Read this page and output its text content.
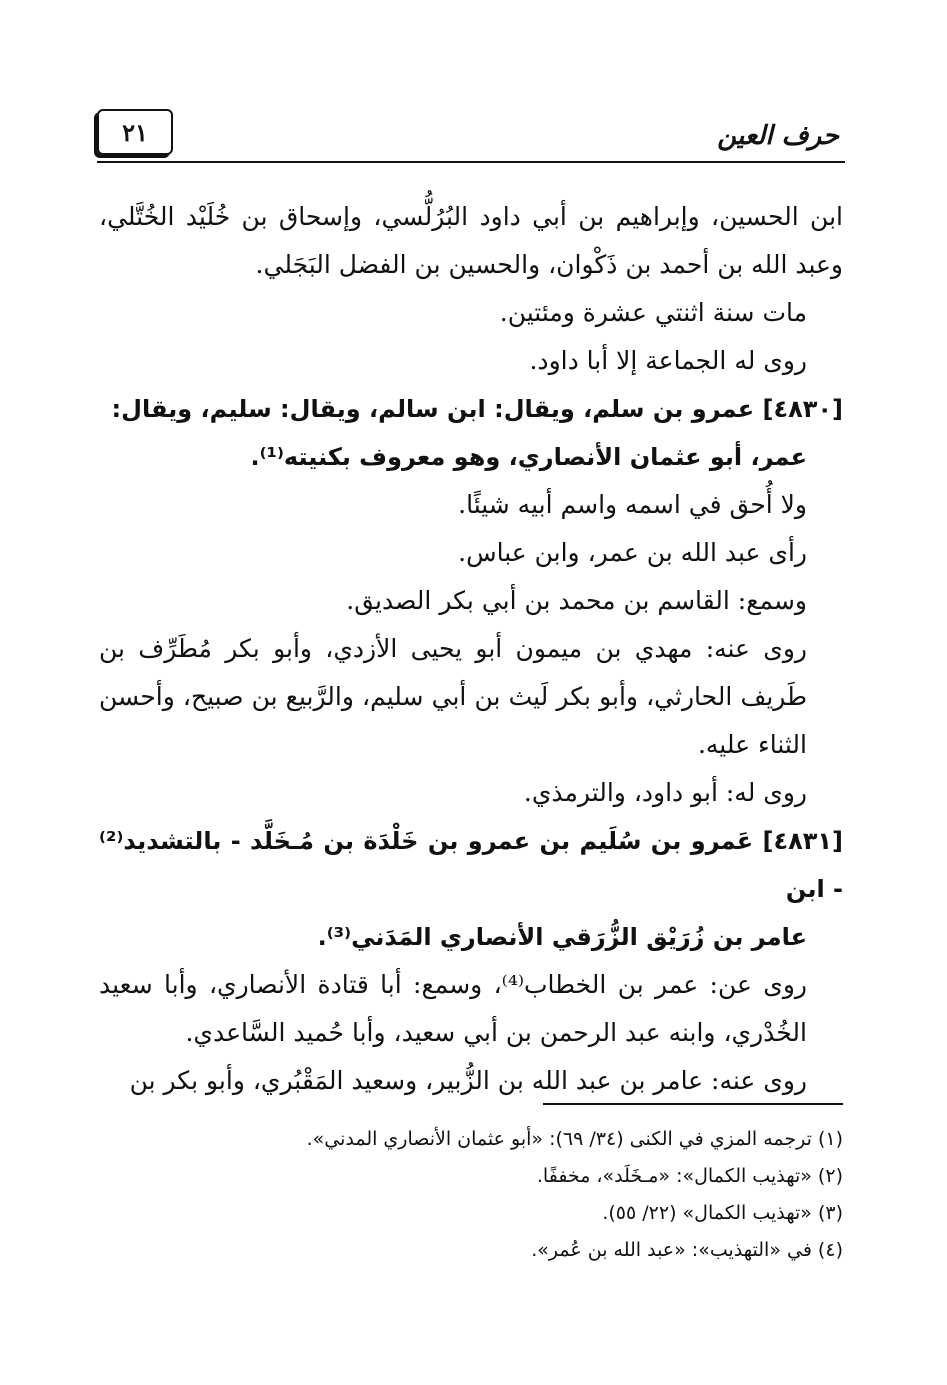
حرف العين
٢١

ابن الحسين، وإبراهيم بن أبي داود البُرُلُّسي، وإسحاق بن خُلَيْد الخُتَّلي، وعبد الله بن أحمد بن ذَكْوان، والحسين بن الفضل البَجَلي.

مات سنة اثنتي عشرة ومئتين.

روى له الجماعة إلا أبا داود.

[٤٨٣٠] عمرو بن سلم، ويقال: ابن سالم، ويقال: سليم، ويقال:
عمر، أبو عثمان الأنصاري، وهو معروف بكنيته⁽¹⁾.

ولا أُحق في اسمه واسم أبيه شيئًا.

رأى عبد الله بن عمر، وابن عباس.

وسمع: القاسم بن محمد بن أبي بكر الصديق.

روى عنه: مهدي بن ميمون أبو يحيى الأزدي، وأبو بكر مُطَرِّف بن طَريف الحارثي، وأبو بكر لَيث بن أبي سليم، والرَّبيع بن صبيح، وأحسن الثناء عليه.

روى له: أبو داود، والترمذي.

[٤٨٣١] عَمرو بن سُلَيم بن عمرو بن خَلْدَة بن مُـخَلَّد - بالتشديد⁽²⁾ - ابن
عامر بن زُرَيْق الزُّرَقي الأنصاري المَدَني⁽³⁾.

روى عن: عمر بن الخطاب⁽⁴⁾، وسمع: أبا قتادة الأنصاري، وأبا سعيد الخُدْري، وابنه عبد الرحمن بن أبي سعيد، وأبا حُميد السَّاعدي.

روى عنه: عامر بن عبد الله بن الزُّبير، وسعيد المَقْبُري، وأبو بكر بن

(١) ترجمه المزي في الكنى (٣٤/ ٦٩): «أبو عثمان الأنصاري المدني».

(٢) «تهذيب الكمال»: «مـخَلَد»، مخففًا.

(٣) «تهذيب الكمال» (٢٢/ ٥٥).

(٤) في «التهذيب»: «عبد الله بن عُمر».
